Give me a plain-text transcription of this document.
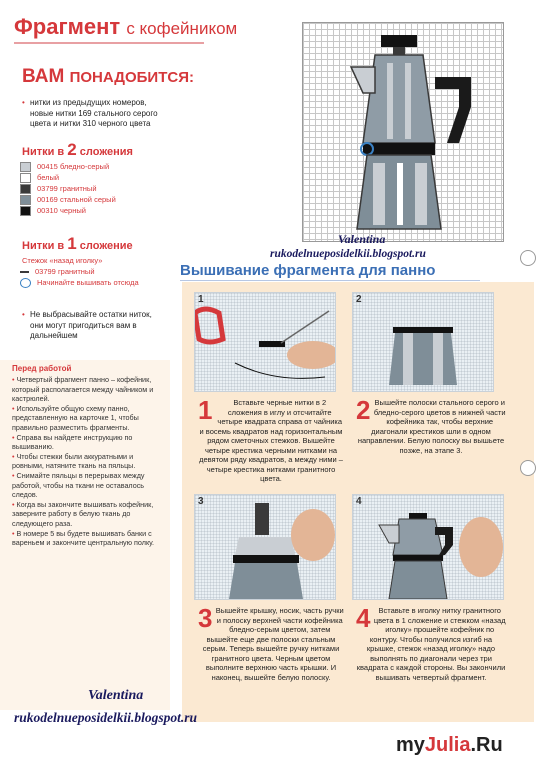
Фрагмент с кофейником
ВАМ ПОНАДОБИТСЯ:
• нитки из предыдущих номеров, новые нитки 169 стального серого цвета и нитки 310 черного цвета
Нитки в 2 сложения
00415 бледно-серый
белый
03799 гранитный
00169 стальной серый
00310 черный
Нитки в 1 сложение
Стежок «назад иголку»
03799 гранитный
Начинайте вышивать отсюда
• Не выбрасывайте остатки ниток, они могут пригодиться вам в дальнейшем
Valentina
rukodelnueposidelkii.blogspot.ru
Вышивание фрагмента для панно
Перед работой

• Четвертый фрагмент панно – кофейник, который располагается между чайником и кастрюлей.

• Используйте общую схему панно, представленную на карточке 1, чтобы правильно разместить фрагменты.

• Справа вы найдете инструкцию по вышиванию.

• Чтобы стежки были аккуратными и ровными, натяните ткань на пяльцы.

• Снимайте пяльцы в перерывах между работой, чтобы на ткани не оставалось следов.

• Когда вы закончите вышивать кофейник, заверните работу в белую ткань до следующего раза.

• В номере 5 вы будете вышивать банки с вареньем и закончите центральную полку.

1	2
1	Вставьте черные нитки в 2 сложения в иглу и отсчитайте четыре квадрата справа от чайника и восемь квадратов над горизонтальным рядом сметочных стежков. Вышейте четыре крестика черными нитками на девятом ряду квадратов, а между ними – четыре крестика нитками гранитного цвета.
2 Вышейте полоски стального серого и бледно-серого цветов в нижней части кофейника так, чтобы верхние диагонали крестиков шли в одном направлении. Белую полоску вы вышьете позже, на этапе 3.
3	4
3 Вышейте крышку, носик, часть ручки и полоску верхней части кофейника бледно-серым цветом, затем вышейте еще две полоски стальным серым. Теперь вышейте ручку нитками гранитного цвета. Черным цветом выполните верхнюю часть крышки. И наконец, вышейте белую полоску.
4 Вставьте в иголку нитку гранитного цвета в 1 сложение и стежком «назад иголку» прошейте кофейник по контуру. Чтобы получился изгиб на крышке, стежок «назад иголку» надо выполнять по диагонали через три квадрата с каждой стороны. Вы закончили вышивать четвертый фрагмент.
Valentina
rukodelnueposidelkii.blogspot.ru
myJulia.Ru
